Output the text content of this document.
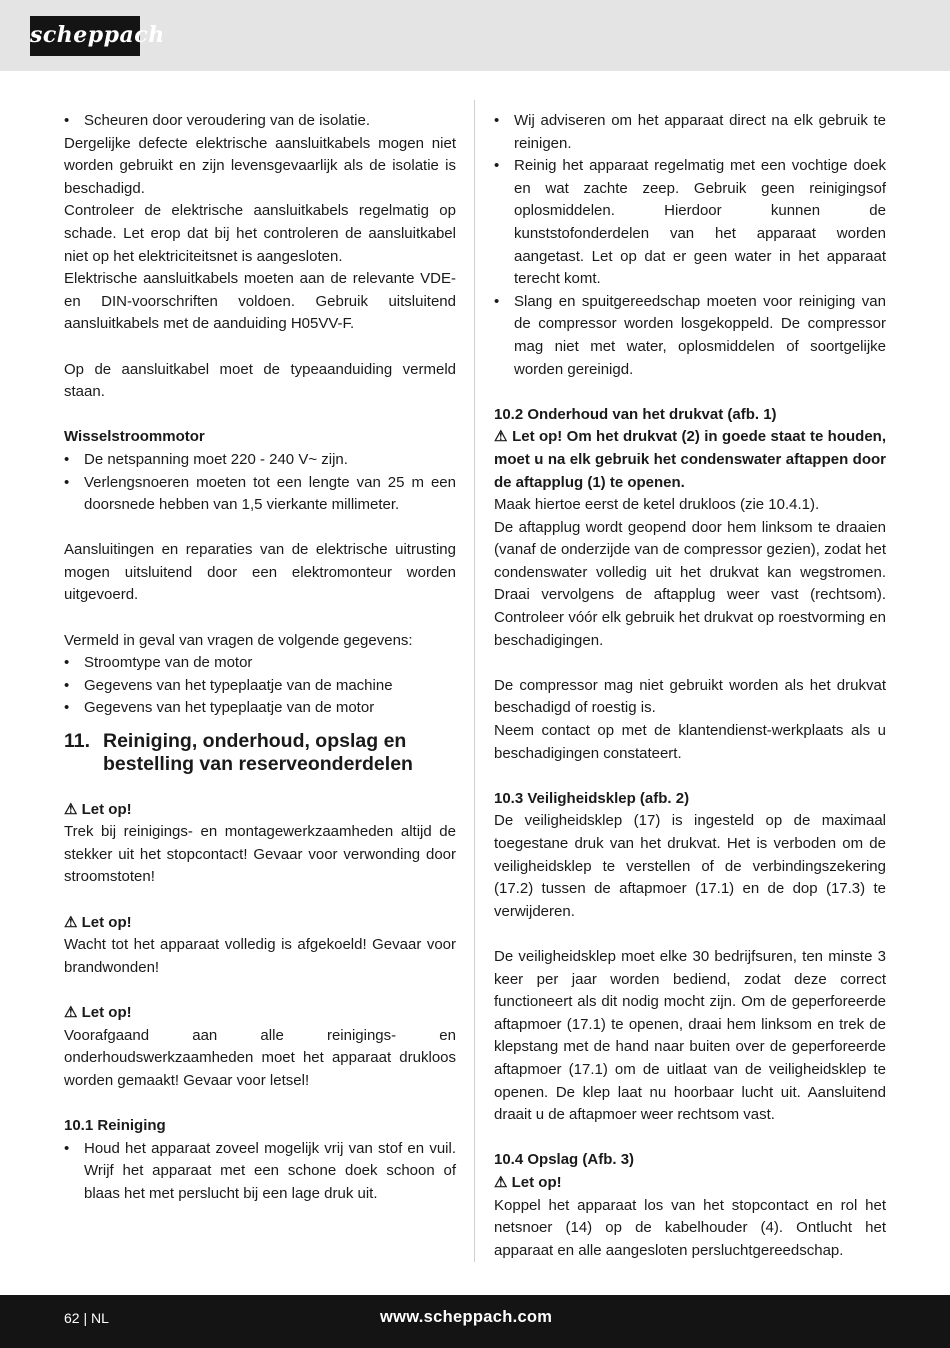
scheppach
• Scheuren door veroudering van de isolatie.

Dergelijke defecte elektrische aansluitkabels mogen niet worden gebruikt en zijn levensgevaarlijk als de isolatie is beschadigd.

Controleer de elektrische aansluitkabels regelmatig op schade. Let erop dat bij het controleren de aansluitkabel niet op het elektriciteitsnet is aangesloten.

Elektrische aansluitkabels moeten aan de relevante VDE- en DIN-voorschriften voldoen. Gebruik uitsluitend aansluitkabels met de aanduiding H05VV-F.

Op de aansluitkabel moet de typeaanduiding vermeld staan.

Wisselstroommotor

• De netspanning moet 220 - 240 V~ zijn.
• Verlengsnoeren moeten tot een lengte van 25 m een doorsnede hebben van 1,5 vierkante millimeter.

Aansluitingen en reparaties van de elektrische uitrusting mogen uitsluitend door een elektromonteur worden uitgevoerd.

Vermeld in geval van vragen de volgende gegevens:

• Stroomtype van de motor
• Gegevens van het typeplaatje van de machine
• Gegevens van het typeplaatje van de motor
11. Reiniging, onderhoud, opslag en bestelling van reserveonderdelen

⚠ Let op!

Trek bij reinigings- en montagewerkzaamheden altijd de stekker uit het stopcontact! Gevaar voor verwonding door stroomstoten!

⚠ Let op!

Wacht tot het apparaat volledig is afgekoeld! Gevaar voor brandwonden!

⚠ Let op!

Voorafgaand aan alle reinigings- en onderhoudswerkzaamheden moet het apparaat drukloos worden gemaakt! Gevaar voor letsel!

10.1 Reiniging

• Houd het apparaat zoveel mogelijk vrij van stof en vuil. Wrijf het apparaat met een schone doek schoon of blaas het met perslucht bij een lage druk uit.
• Wij adviseren om het apparaat direct na elk gebruik te reinigen.
• Reinig het apparaat regelmatig met een vochtige doek en wat zachte zeep. Gebruik geen reinigingsof oplosmiddelen. Hierdoor kunnen de kunststofonderdelen van het apparaat worden aangetast. Let op dat er geen water in het apparaat terecht komt.
• Slang en spuitgereedschap moeten voor reiniging van de compressor worden losgekoppeld. De compressor mag niet met water, oplosmiddelen of soortgelijke worden gereinigd.

10.2 Onderhoud van het drukvat (afb. 1)

⚠ Let op! Om het drukvat (2) in goede staat te houden, moet u na elk gebruik het condenswater aftappen door de aftapplug (1) te openen.

Maak hiertoe eerst de ketel drukloos (zie 10.4.1).

De aftapplug wordt geopend door hem linksom te draaien (vanaf de onderzijde van de compressor gezien), zodat het condenswater volledig uit het drukvat kan wegstromen. Draai vervolgens de aftapplug weer vast (rechtsom). Controleer vóór elk gebruik het drukvat op roestvorming en beschadigingen.

De compressor mag niet gebruikt worden als het drukvat beschadigd of roestig is.

Neem contact op met de klantendienst-werkplaats als u beschadigingen constateert.

10.3 Veiligheidsklep (afb. 2)

De veiligheidsklep (17) is ingesteld op de maximaal toegestane druk van het drukvat. Het is verboden om de veiligheidsklep te verstellen of de verbindingszekering (17.2) tussen de aftapmoer (17.1) en de dop (17.3) te verwijderen.

De veiligheidsklep moet elke 30 bedrijfsuren, ten minste 3 keer per jaar worden bediend, zodat deze correct functioneert als dit nodig mocht zijn. Om de geperforeerde aftapmoer (17.1) te openen, draai hem linksom en trek de klepstang met de hand naar buiten over de geperforeerde aftapmoer (17.1) om de uitlaat van de veiligheidsklep te openen. De klep laat nu hoorbaar lucht uit. Aansluitend draait u de aftapmoer weer rechtsom vast.

10.4 Opslag (Afb. 3)

⚠ Let op!

Koppel het apparaat los van het stopcontact en rol het netsnoer (14) op de kabelhouder (4). Ontlucht het apparaat en alle aangesloten persluchtgereedschap.

62 | NL	www.scheppach.com
